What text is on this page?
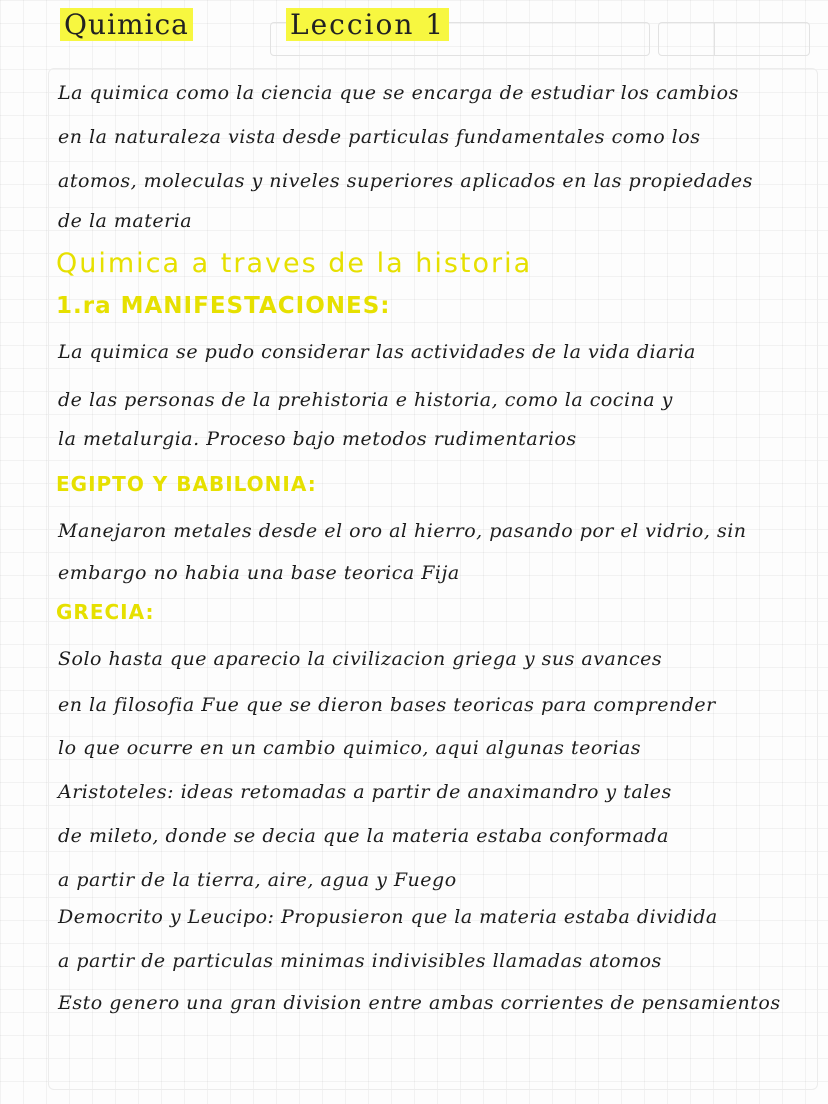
Quimica	Leccion 1
La quimica como la ciencia que se encarga de estudiar los cambios
en la naturaleza vista desde particulas fundamentales como los
atomos, moleculas y niveles superiores aplicados en las propiedades
de la materia
Quimica a traves de la historia
1.ra MANIFESTACIONES:
La quimica se pudo considerar las actividades de la vida diaria
de las personas de la prehistoria e historia, como la cocina y
la metalurgia. Proceso bajo metodos rudimentarios
EGIPTO Y BABILONIA:
Manejaron metales desde el oro al hierro, pasando por el vidrio, sin
embargo no habia una base teorica Fija
GRECIA:
Solo hasta que aparecio la civilizacion griega y sus avances
en la filosofia Fue que se dieron bases teoricas para comprender
lo que ocurre en un cambio quimico, aqui algunas teorias
Aristoteles: ideas retomadas a partir de anaximandro y tales
de mileto, donde se decia que la materia estaba conformada
a partir de la tierra, aire, agua y Fuego
Democrito y Leucipo: Propusieron que la materia estaba dividida
a partir de particulas minimas indivisibles llamadas atomos
Esto genero una gran division entre ambas corrientes de pensamientos
